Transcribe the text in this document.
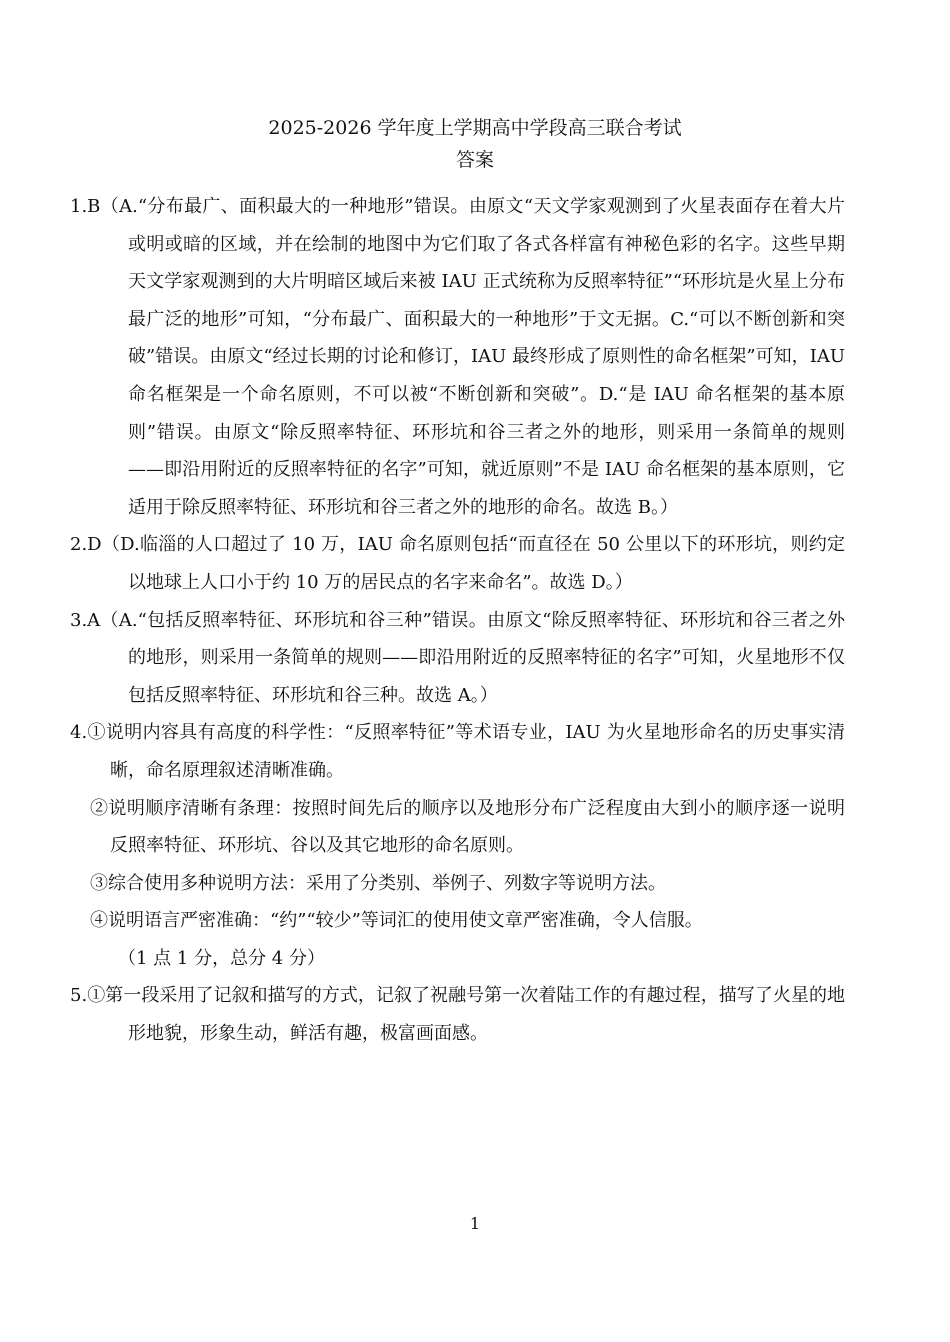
2025-2026 学年度上学期高中学段高三联合考试
答案

1.B（A.“分布最广、面积最大的一种地形”错误。由原文“天文学家观测到了火星表面存在着大片或明或暗的区域，并在绘制的地图中为它们取了各式各样富有神秘色彩的名字。这些早期天文学家观测到的大片明暗区域后来被 IAU 正式统称为反照率特征”“环形坑是火星上分布最广泛的地形”可知，“分布最广、面积最大的一种地形”于文无据。C.“可以不断创新和突破”错误。由原文“经过长期的讨论和修订，IAU 最终形成了原则性的命名框架”可知，IAU 命名框架是一个命名原则，不可以被“不断创新和突破”。D.“是 IAU 命名框架的基本原则”错误。由原文“除反照率特征、环形坑和谷三者之外的地形，则采用一条简单的规则——即沿用附近的反照率特征的名字”可知，就近原则”不是 IAU 命名框架的基本原则，它适用于除反照率特征、环形坑和谷三者之外的地形的命名。故选 B。）

2.D（D.临淄的人口超过了 10 万，IAU 命名原则包括“而直径在 50 公里以下的环形坑，则约定以地球上人口小于约 10 万的居民点的名字来命名”。故选 D。）

3.A（A.“包括反照率特征、环形坑和谷三种”错误。由原文“除反照率特征、环形坑和谷三者之外的地形，则采用一条简单的规则——即沿用附近的反照率特征的名字”可知，火星地形不仅包括反照率特征、环形坑和谷三种。故选 A。）

4.①说明内容具有高度的科学性：“反照率特征”等术语专业，IAU 为火星地形命名的历史事实清晰，命名原理叙述清晰准确。

②说明顺序清晰有条理：按照时间先后的顺序以及地形分布广泛程度由大到小的顺序逐一说明反照率特征、环形坑、谷以及其它地形的命名原则。

③综合使用多种说明方法：采用了分类别、举例子、列数字等说明方法。

④说明语言严密准确：“约”“较少”等词汇的使用使文章严密准确，令人信服。

（1 点 1 分，总分 4 分）

5.①第一段采用了记叙和描写的方式，记叙了祝融号第一次着陆工作的有趣过程，描写了火星的地形地貌，形象生动，鲜活有趣，极富画面感。

1
